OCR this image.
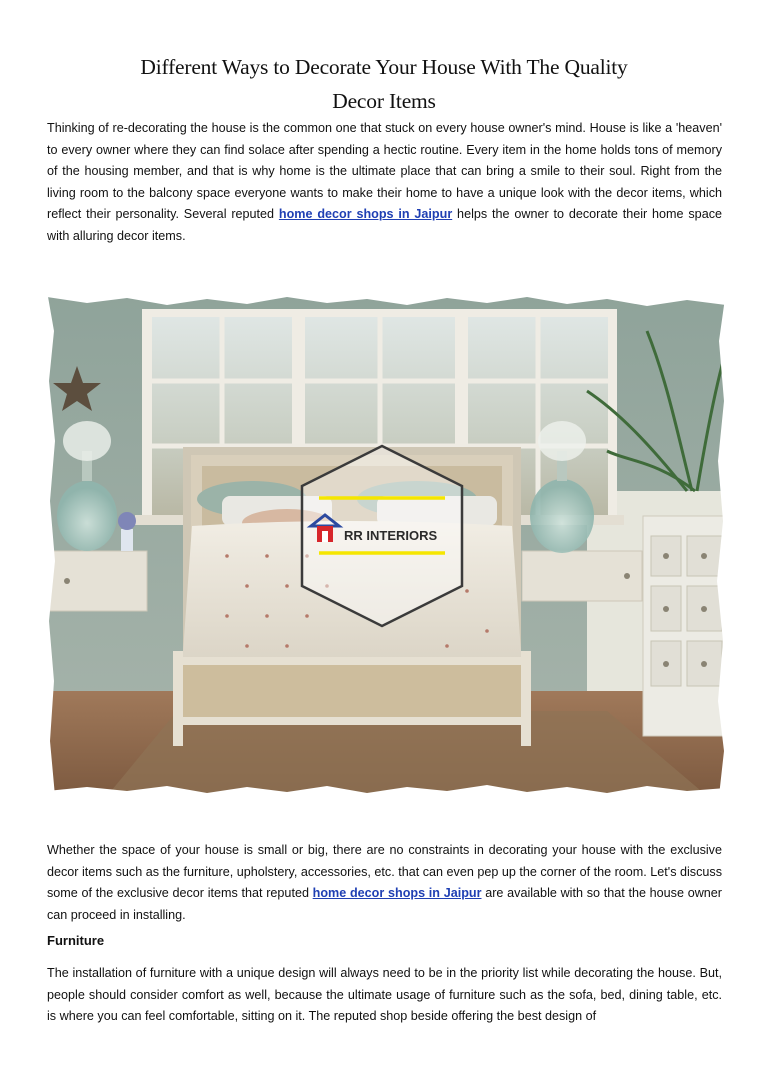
Different Ways to Decorate Your House With The Quality
Decor Items

Thinking of re-decorating the house is the common one that stuck on every house owner's mind. House is like a 'heaven' to every owner where they can find solace after spending a hectic routine. Every item in the home holds tons of memory of the housing member, and that is why home is the ultimate place that can bring a smile to their soul. Right from the living room to the balcony space everyone wants to make their home to have a unique look with the decor items, which reflect their personality. Several reputed home decor shops in Jaipur helps the owner to decorate their home space with alluring decor items.

RR INTERIORS

Whether the space of your house is small or big, there are no constraints in decorating your house with the exclusive decor items such as the furniture, upholstery, accessories, etc. that can even pep up the corner of the room. Let's discuss some of the exclusive decor items that reputed home decor shops in Jaipur are available with so that the house owner can proceed in installing.

Furniture

The installation of furniture with a unique design will always need to be in the priority list while decorating the house. But, people should consider comfort as well, because the ultimate usage of furniture such as the sofa, bed, dining table, etc. is where you can feel comfortable, sitting on it. The reputed shop beside offering the best design of
